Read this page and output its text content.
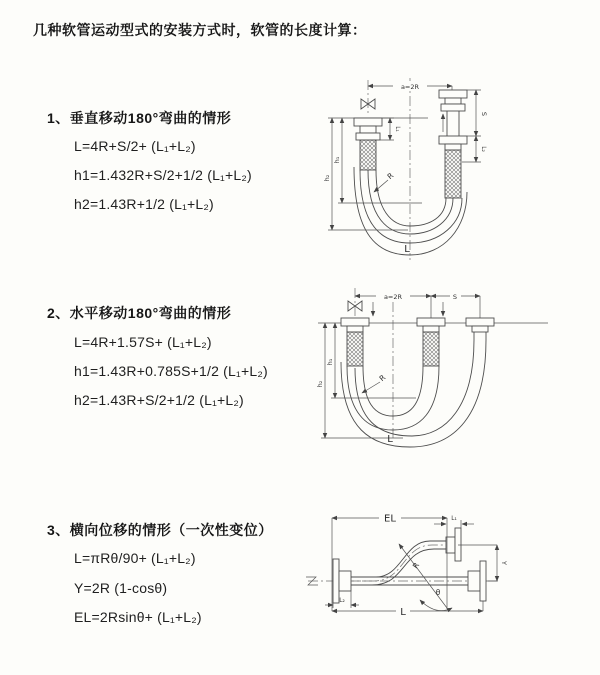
几种软管运动型式的安装方式时，软管的长度计算：
1、垂直移动180°弯曲的情形
L=4R+S/2+ (L₁+L₂)
h1=1.432R+S/2+1/2 (L₁+L₂)
h2=1.43R+1/2 (L₁+L₂)
a=2R
h₁
h₂
L₁
S
L₂
R
L
2、水平移动180°弯曲的情形
L=4R+1.57S+ (L₁+L₂)
h1=1.43R+0.785S+1/2 (L₁+L₂)
h2=1.43R+S/2+1/2 (L₁+L₂)
a=2R	S
h₁
h₂
R
L
3、横向位移的情形（一次性变位）
L=πRθ/90+ (L₁+L₂)
Y=2R (1-cosθ)
EL=2Rsinθ+ (L₁+L₂)
EL	L₁
Y
L
L₂
R
θ
